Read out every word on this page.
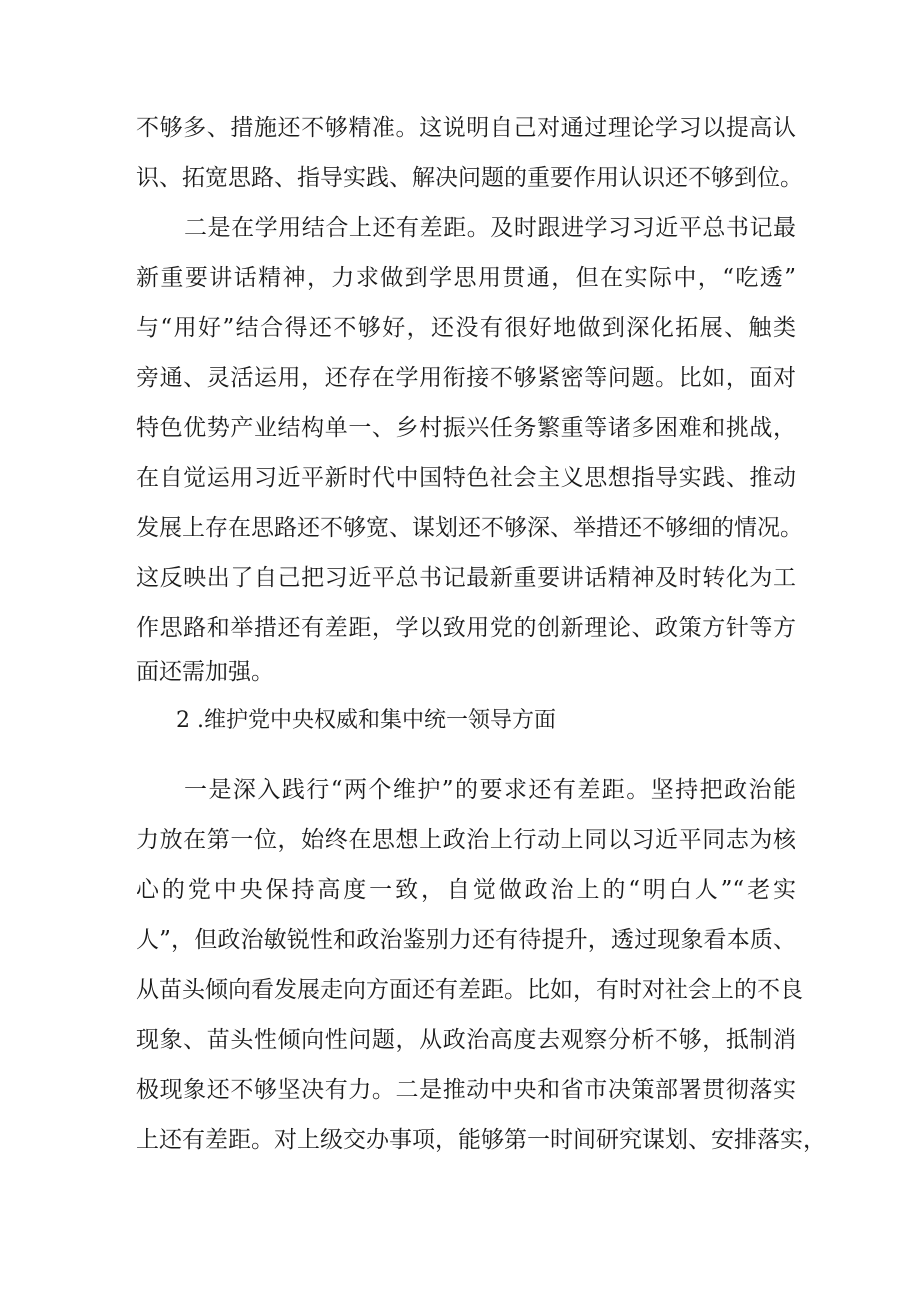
不够多、措施还不够精准。这说明自己对通过理论学习以提高认
识、拓宽思路、指导实践、解决问题的重要作用认识还不够到位。
二是在学用结合上还有差距。及时跟进学习习近平总书记最
新重要讲话精神，力求做到学思用贯通，但在实际中，“吃透”
与“用好”结合得还不够好，还没有很好地做到深化拓展、触类
旁通、灵活运用，还存在学用衔接不够紧密等问题。比如，面对
特色优势产业结构单一、乡村振兴任务繁重等诸多困难和挑战，
在自觉运用习近平新时代中国特色社会主义思想指导实践、推动
发展上存在思路还不够宽、谋划还不够深、举措还不够细的情况。
这反映出了自己把习近平总书记最新重要讲话精神及时转化为工
作思路和举措还有差距，学以致用党的创新理论、政策方针等方
面还需加强。
2 .维护党中央权威和集中统一领导方面
一是深入践行“两个维护”的要求还有差距。坚持把政治能
力放在第一位，始终在思想上政治上行动上同以习近平同志为核
心的党中央保持高度一致，自觉做政治上的“明白人”“老实
人”，但政治敏锐性和政治鉴别力还有待提升，透过现象看本质、
从苗头倾向看发展走向方面还有差距。比如，有时对社会上的不良
现象、苗头性倾向性问题，从政治高度去观察分析不够，抵制消
极现象还不够坚决有力。二是推动中央和省市决策部署贯彻落实
上还有差距。对上级交办事项，能够第一时间研究谋划、安排落实，
